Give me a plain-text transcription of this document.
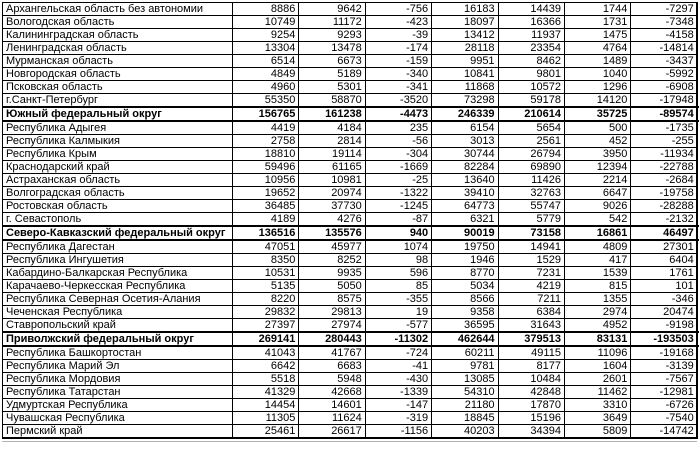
Архангельская область без автономии	8886	9642	-756	16183	14439	1744	-7297	
Вологодская область	10749	11172	-423	18097	16366	1731	-7348	
Калининградская область	9254	9293	-39	13412	11937	1475	-4158	
Ленинградская область	13304	13478	-174	28118	23354	4764	-14814	
Мурманская область	6514	6673	-159	9951	8462	1489	-3437	
Новгородская область	4849	5189	-340	10841	9801	1040	-5992	
Псковская область	4960	5301	-341	11868	10572	1296	-6908	
г.Санкт-Петербург	55350	58870	-3520	73298	59178	14120	-17948	
Южный федеральный округ	156765	161238	-4473	246339	210614	35725	-89574	
Республика Адыгея	4419	4184	235	6154	5654	500	-1735	
Республика Калмыкия	2758	2814	-56	3013	2561	452	-255	
Республика Крым	18810	19114	-304	30744	26794	3950	-11934	
Краснодарский край	59496	61165	-1669	82284	69890	12394	-22788	
Астраханская область	10956	10981	-25	13640	11426	2214	-2684	
Волгоградская область	19652	20974	-1322	39410	32763	6647	-19758	
Ростовская область	36485	37730	-1245	64773	55747	9026	-28288	
г. Севастополь	4189	4276	-87	6321	5779	542	-2132	
Северо-Кавказский федеральный округ	136516	135576	940	90019	73158	16861	46497	
Республика Дагестан	47051	45977	1074	19750	14941	4809	27301	
Республика Ингушетия	8350	8252	98	1946	1529	417	6404	
Кабардино-Балкарская Республика	10531	9935	596	8770	7231	1539	1761	
Карачаево-Черкесская Республика	5135	5050	85	5034	4219	815	101	
Республика Северная Осетия-Алания	8220	8575	-355	8566	7211	1355	-346	
Чеченская Республика	29832	29813	19	9358	6384	2974	20474	
Ставропольский край	27397	27974	-577	36595	31643	4952	-9198	
Приволжский федеральный округ	269141	280443	-11302	462644	379513	83131	-193503	
Республика Башкортостан	41043	41767	-724	60211	49115	11096	-19168	
Республика Марий Эл	6642	6683	-41	9781	8177	1604	-3139	
Республика Мордовия	5518	5948	-430	13085	10484	2601	-7567	
Республика Татарстан	41329	42668	-1339	54310	42848	11462	-12981	
Удмуртская Республика	14454	14601	-147	21180	17870	3310	-6726	
Чувашская Республика	11305	11624	-319	18845	15196	3649	-7540	
Пермский край	25461	26617	-1156	40203	34394	5809	-14742	
